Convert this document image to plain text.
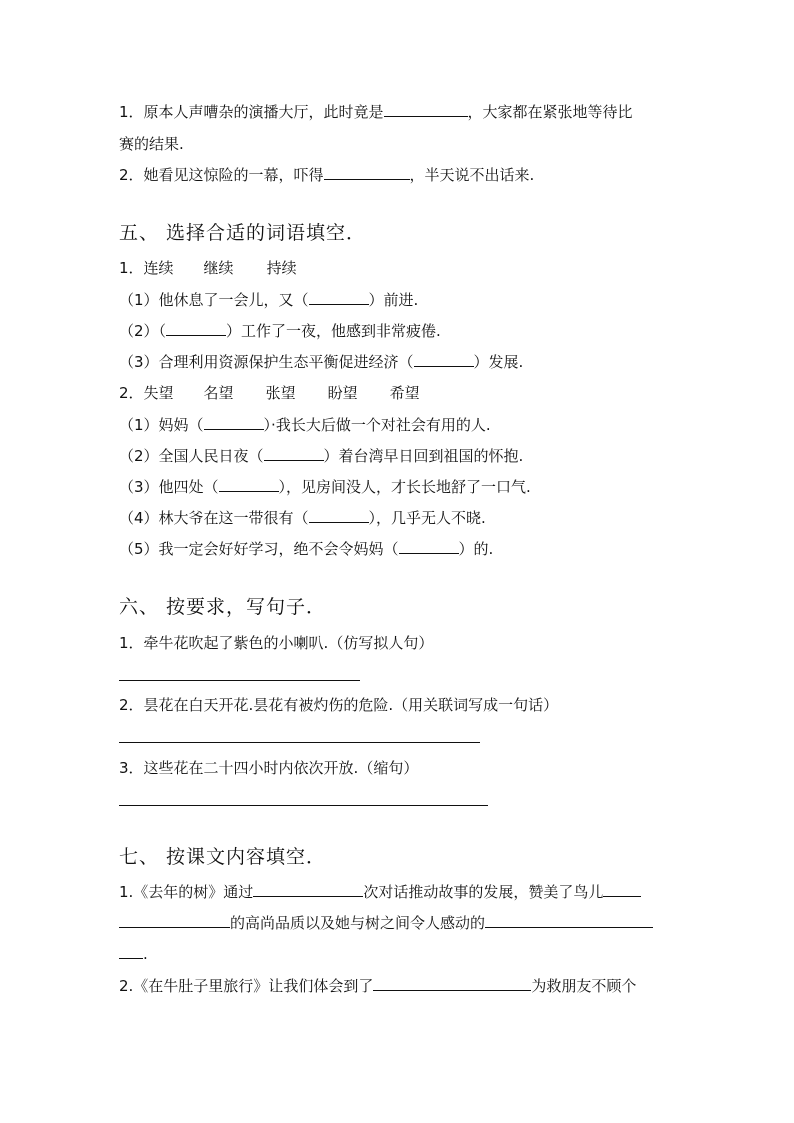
1．原本人声嘈杂的演播大厅，此时竟是	，大家都在紧张地等待比
赛的结果.
2．她看见这惊险的一幕，吓得	，半天说不出话来.
五、 选择合适的词语填空．
1．连续 继续 持续
（1）他休息了一会儿，又（	）前进.
（2）（	）工作了一夜，他感到非常疲倦.
（3）合理利用资源保护生态平衡促进经济（	）发展.
2．失望 名望 张望 盼望 希望
（1）妈妈（	）·我长大后做一个对社会有用的人.
（2）全国人民日夜（	）着台湾早日回到祖国的怀抱.
（3）他四处（	），见房间没人，才长长地舒了一口气.
（4）林大爷在这一带很有（	），几乎无人不晓.
（5）我一定会好好学习，绝不会令妈妈（	）的.
六、 按要求，写句子．
1．牵牛花吹起了紫色的小喇叭.（仿写拟人句）
2．昙花在白天开花.昙花有被灼伤的危险.（用关联词写成一句话）
3．这些花在二十四小时内依次开放.（缩句）
七、 按课文内容填空．
1.《去年的树》通过	次对话推动故事的发展，赞美了鸟儿
的高尚品质以及她与树之间令人感动的
.
2.《在牛肚子里旅行》让我们体会到了	为救朋友不顾个
